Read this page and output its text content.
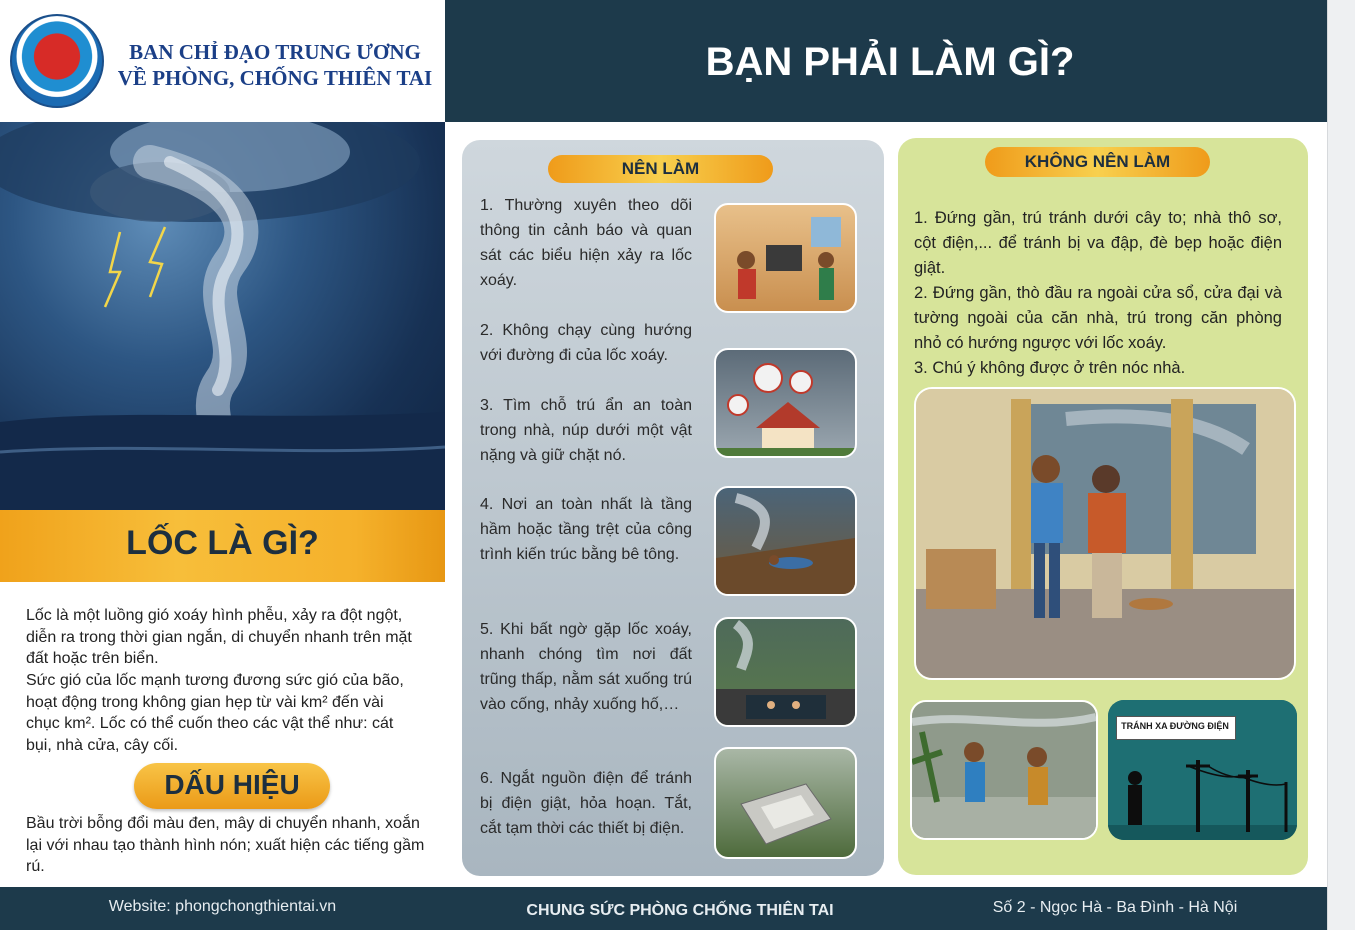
BAN CHỈ ĐẠO TRUNG ƯƠNG
VỀ PHÒNG, CHỐNG THIÊN TAI
LỐC LÀ GÌ?
Lốc là một luồng gió xoáy hình phễu, xảy ra đột ngột, diễn ra trong thời gian ngắn, di chuyển nhanh trên mặt đất hoặc trên biển.
Sức gió của lốc mạnh tương đương sức gió của bão, hoạt động trong không gian hẹp từ vài km² đến vài chục km². Lốc có thể cuốn theo các vật thể như: cát bụi, nhà cửa, cây cối.
DẤU HIỆU
Bầu trời bỗng đổi màu đen, mây di chuyển nhanh, xoắn lại với nhau tạo thành hình nón; xuất hiện các tiếng gầm rú.
Website: phongchongthientai.vn
BẠN PHẢI LÀM GÌ?
NÊN LÀM
1. Thường xuyên theo dõi thông tin cảnh báo và quan sát các biểu hiện xảy ra lốc xoáy.
2. Không chạy cùng hướng với đường đi của lốc xoáy.
3. Tìm chỗ trú ẩn an toàn trong nhà, núp dưới một vật nặng và giữ chặt nó.
4. Nơi an toàn nhất là tầng hầm hoặc tầng trệt của công trình kiến trúc bằng bê tông.
5. Khi bất ngờ gặp lốc xoáy, nhanh chóng tìm nơi đất trũng thấp, nằm sát xuống trú vào cống, nhảy xuống hố,…
6. Ngắt nguồn điện để tránh bị điện giật, hỏa hoạn. Tắt, cắt tạm thời các thiết bị điện.
KHÔNG NÊN LÀM
1. Đứng gần, trú tránh dưới cây to; nhà thô sơ, cột điện,... để tránh bị va đập, đè bẹp hoặc điện giật.
2. Đứng gần, thò đầu ra ngoài cửa sổ, cửa đại và tường ngoài của căn nhà, trú trong căn phòng nhỏ có hướng ngược với lốc xoáy.
3. Chú ý không được ở trên nóc nhà.
TRÁNH XA ĐƯỜNG ĐIỆN
CHUNG SỨC PHÒNG CHỐNG THIÊN TAI	Số 2 - Ngọc Hà - Ba Đình - Hà Nội
